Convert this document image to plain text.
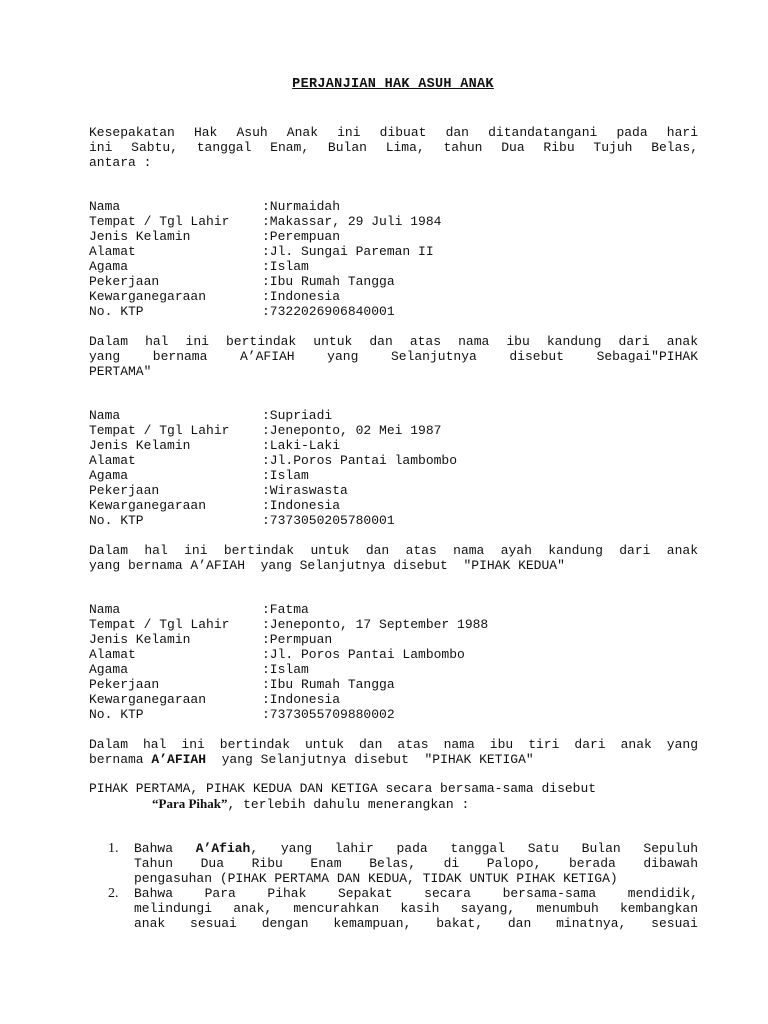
PERJANJIAN HAK ASUH ANAK
Kesepakatan Hak Asuh Anak ini dibuat dan ditandatangani pada hari
ini Sabtu, tanggal Enam, Bulan Lima, tahun Dua Ribu Tujuh Belas,
antara :
Nama	:Nurmaidah
Tempat / Tgl Lahir	:Makassar, 29 Juli 1984
Jenis Kelamin	:Perempuan
Alamat	:Jl. Sungai Pareman II
Agama	:Islam
Pekerjaan	:Ibu Rumah Tangga
Kewarganegaraan	:Indonesia
No. KTP	:7322026906840001
Dalam hal ini bertindak untuk dan atas nama ibu kandung dari anak
yang bernama A’AFIAH yang Selanjutnya disebut Sebagai"PIHAK
PERTAMA"
Nama	:Supriadi
Tempat / Tgl Lahir	:Jeneponto, 02 Mei 1987
Jenis Kelamin	:Laki-Laki
Alamat	:Jl.Poros Pantai lambombo
Agama	:Islam
Pekerjaan	:Wiraswasta
Kewarganegaraan	:Indonesia
No. KTP	:7373050205780001
Dalam hal ini bertindak untuk dan atas nama ayah kandung dari anak
yang bernama A’AFIAH  yang Selanjutnya disebut  "PIHAK KEDUA"
Nama	:Fatma
Tempat / Tgl Lahir	:Jeneponto, 17 September 1988
Jenis Kelamin	:Permpuan
Alamat	:Jl. Poros Pantai Lambombo
Agama	:Islam
Pekerjaan	:Ibu Rumah Tangga
Kewarganegaraan	:Indonesia
No. KTP	:7373055709880002
Dalam hal ini bertindak untuk dan atas nama ibu tiri dari anak yang
bernama A’AFIAH  yang Selanjutnya disebut  "PIHAK KETIGA"
PIHAK PERTAMA, PIHAK KEDUA DAN KETIGA secara bersama-sama disebut
“Para Pihak”, terlebih dahulu menerangkan :
1. Bahwa A’Afiah, yang lahir pada tanggal Satu Bulan Sepuluh
Tahun Dua Ribu Enam Belas, di Palopo, berada dibawah
pengasuhan (PIHAK PERTAMA DAN KEDUA, TIDAK UNTUK PIHAK KETIGA)
2. Bahwa Para Pihak Sepakat secara bersama-sama mendidik,
melindungi anak, mencurahkan kasih sayang, menumbuh kembangkan
anak sesuai dengan kemampuan, bakat, dan minatnya, sesuai
